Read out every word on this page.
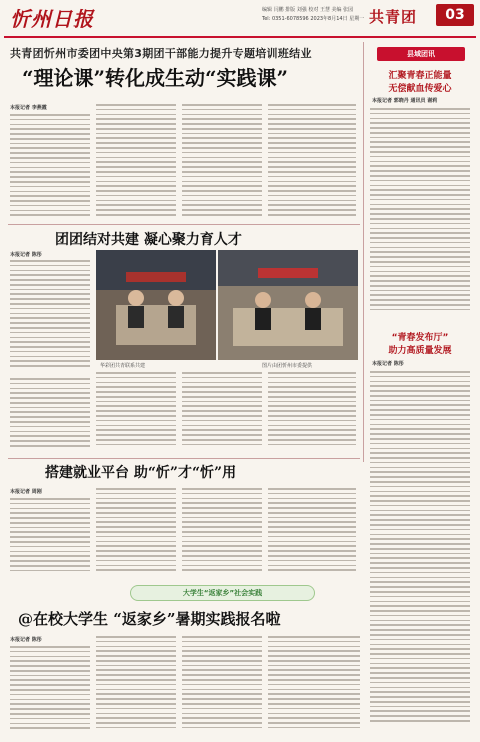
忻州日报	编辑 闫鹏 排版 刘强 校对 王慧 美编 张园
Tel: 0351-6078596 2023年8月14日 星期一 共青团	03
共青团忻州市委团中央第3期团干部能力提升专题培训班结业
“理论课”转化成生动“实践课”
本报记者 李燕霞
团团结对共建 凝心聚力育人才
本报记者 陈彤
华彩团共青联系共建	图片由团忻州市委提供
搭建就业平台 助“忻”才“忻”用
本报记者 周刚
大学生“返家乡”社会实践
@在校大学生 “返家乡”暑期实践报名啦
本报记者 陈彤
县域团讯
汇聚青春正能量
无偿献血传爱心
本报记者 郭晓丹 通讯员 谢莉
“青春发布厅”
助力高质量发展
本报记者 陈彤
